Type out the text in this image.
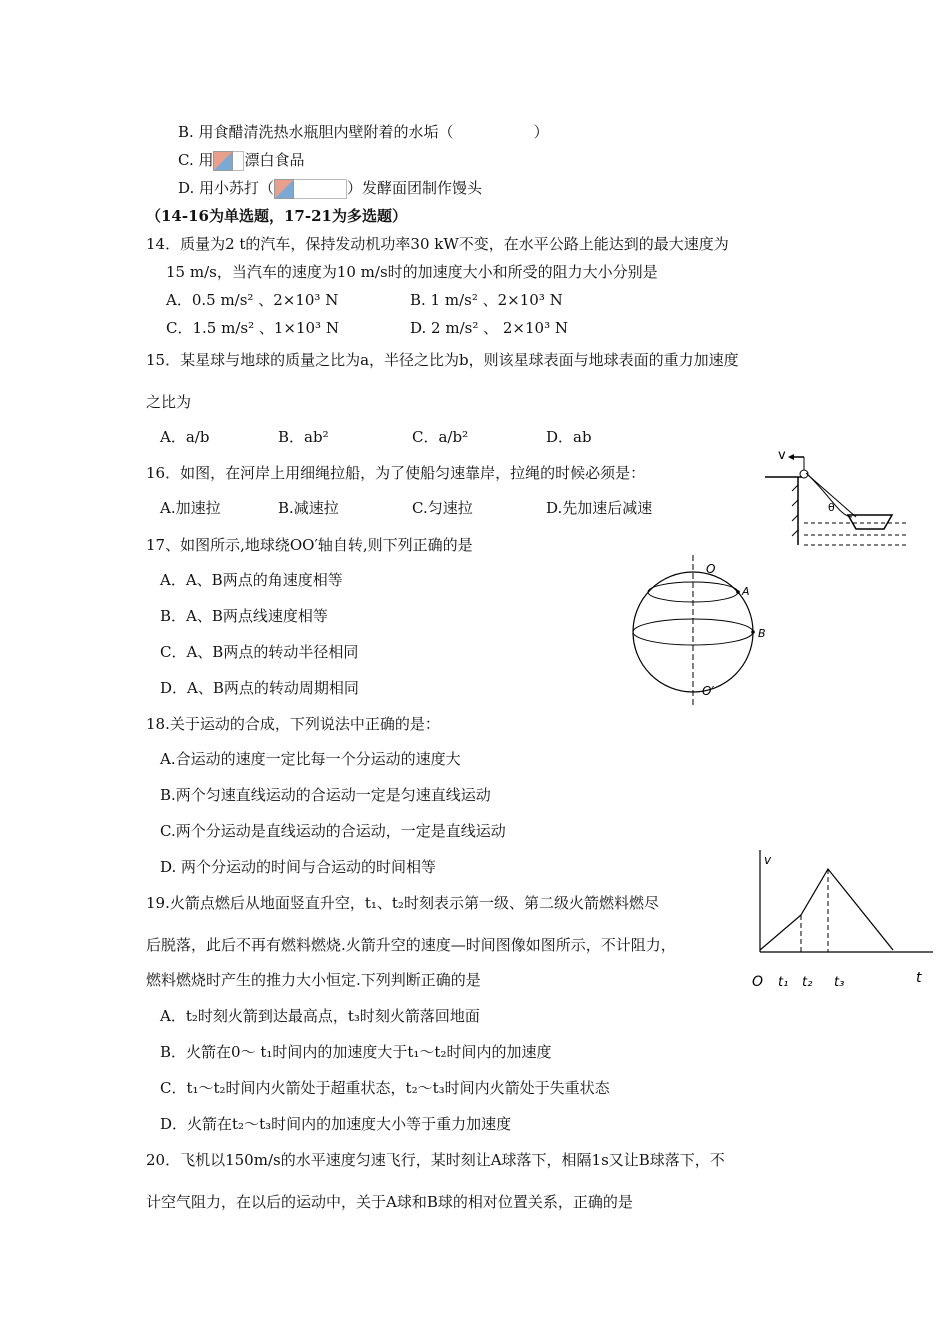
B. 用食醋清洗热水瓶胆内壁附着的水垢（	）
C. 用 漂白食品
D. 用小苏打（	）发酵面团制作馒头
（14-16为单选题，17-21为多选题）
14．质量为2 t的汽车，保持发动机功率30 kW不变，在水平公路上能达到的最大速度为
15 m/s，当汽车的速度为10 m/s时的加速度大小和所受的阻力大小分别是
A．0.5 m/s² 、2×10³ N	B. 1 m/s² 、2×10³ N
C．1.5 m/s² 、1×10³ N	D. 2 m/s² 、 2×10³ N
15．某星球与地球的质量之比为a，半径之比为b，则该星球表面与地球表面的重力加速度
之比为
A．a/b	B．ab²	C．a/b²	D．ab
16．如图，在河岸上用细绳拉船，为了使船匀速靠岸，拉绳的时候必须是：
A.加速拉	B.减速拉	C.匀速拉	D.先加速后减速
v
θ
17、如图所示,地球绕OO′轴自转,则下列正确的是
A．A、B两点的角速度相等
B．A、B两点线速度相等
C．A、B两点的转动半径相同
D．A、B两点的转动周期相同
O
O′
A
B
18.关于运动的合成，下列说法中正确的是：
A.合运动的速度一定比每一个分运动的速度大
B.两个匀速直线运动的合运动一定是匀速直线运动
C.两个分运动是直线运动的合运动，一定是直线运动
D. 两个分运动的时间与合运动的时间相等
19.火箭点燃后从地面竖直升空，t₁、t₂时刻表示第一级、第二级火箭燃料燃尽
后脱落，此后不再有燃料燃烧.火箭升空的速度—时间图像如图所示，不计阻力，
燃料燃烧时产生的推力大小恒定.下列判断正确的是
A．t₂时刻火箭到达最高点，t₃时刻火箭落回地面
B．火箭在0～ t₁时间内的加速度大于t₁～t₂时间内的加速度
C．t₁～t₂时间内火箭处于超重状态，t₂～t₃时间内火箭处于失重状态
D．火箭在t₂～t₃时间内的加速度大小等于重力加速度
v
t
O t₁ t₂ t₃
20．飞机以150m/s的水平速度匀速飞行，某时刻让A球落下，相隔1s又让B球落下，不
计空气阻力，在以后的运动中，关于A球和B球的相对位置关系，正确的是
